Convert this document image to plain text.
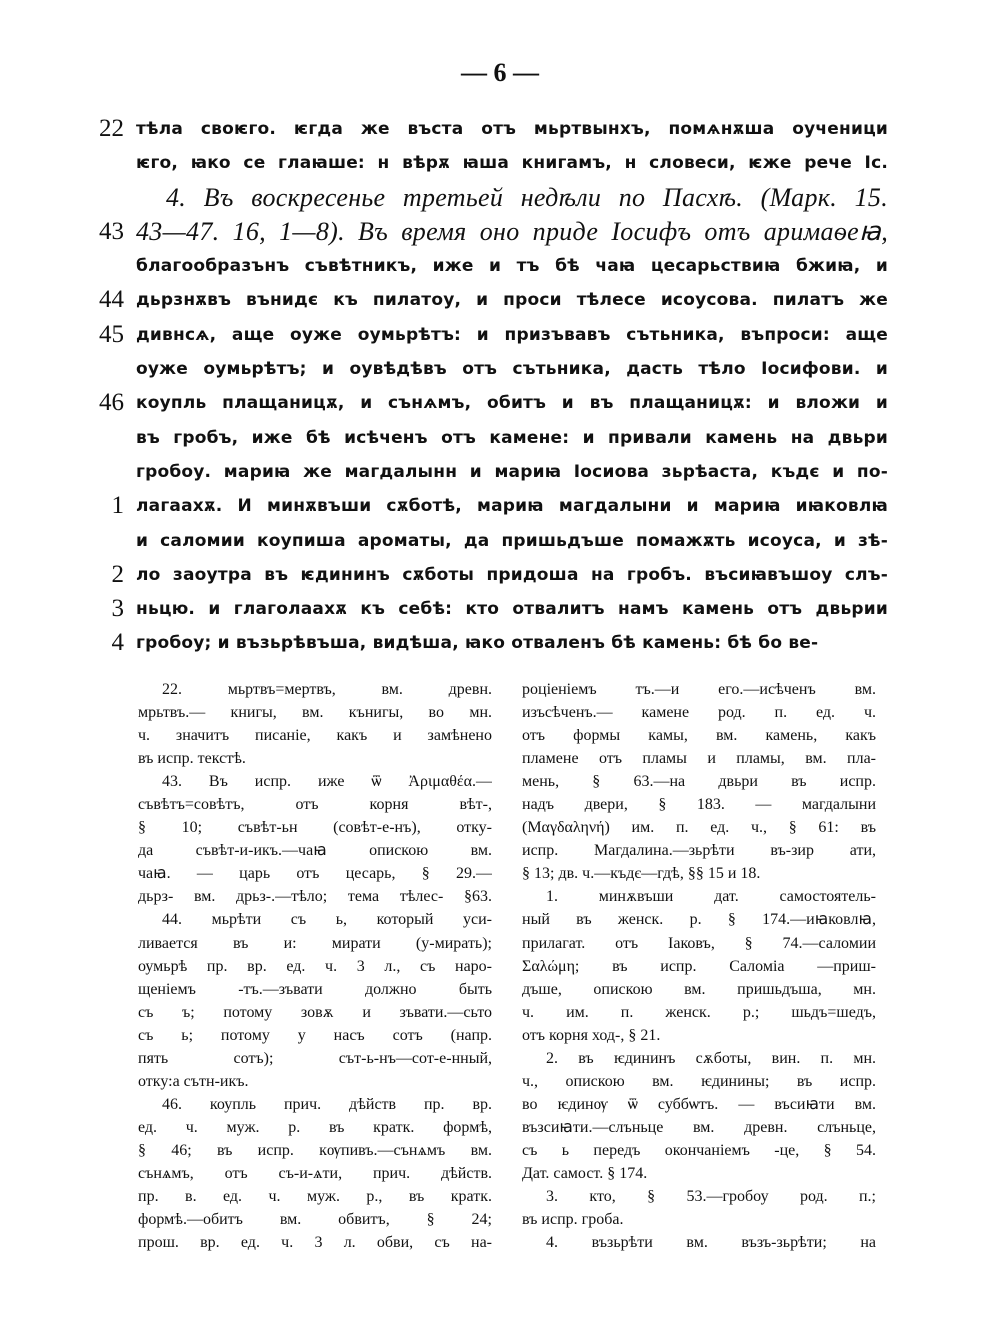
— 6 —
22 тѣла своѥго. ѥгда же въста отъ мьртвынхъ, помѧнѫша оученици
ѥго, ꙗко се глаꙗше: н вѣрѫ ꙗша книгамъ, н словеси, ѥже рече Іс.
4. Въ воскресенье третьей недѣли по Пасхѣ. (Марк. 15.
43 43—47. 16, 1—8). Въ время оно приде Iосифъ отъ аримаѳеꙗ,
благообразънъ съвѣтникъ, иже и тъ бѣ чаꙗ цесарьствиꙗ бжиꙗ, и
44 дьрзнѫвъ вънидє къ пилатоу, и проси тѣлесе исоусова. пилатъ же
45 дивнсѧ, аще оуже оумьрѣтъ: и призъвавъ сътьника, въпроси: аще
оуже оумьрѣтъ; и оувѣдѣвъ отъ сътьника, дасть тѣло Iосифови. и
46 коупль плащаницѫ, и сънѧмъ, обитъ и въ плащаницѫ: и вложи и
въ гробъ, иже бѣ исѣченъ отъ камене: и привали камень на двьри
гробоу. мариꙗ же магдалынн и мариꙗ Iосиова зьрѣаста, къдє и по-
1 лагаахѫ. И минѫвъши сѫботѣ, мариꙗ магдалыни и мариꙗ иꙗковлꙗ
и саломии коупиша ароматы, да пришьдъше помажѫть исоуса, и зѣ-
2 ло заоутра въ ѥдининъ сѫботы придоша на гробъ. въсиꙗвъшоу слъ-
3 ньцю. и глаголаахѫ къ себѣ: кто отвалитъ намъ камень отъ двьрии
4 гробоу; и възьрѣвъша, видѣша, ꙗко отваленъ бѣ камень: бѣ бо ве-
22. мьртвъ=мертвъ, вм. древн.
мрьтвъ.— книгы, вм. кънигы, во мн.
ч. значитъ писаніе, какъ и замѣнено
въ испр. текстѣ.
43. Въ испр. иже ѿ Ἀριμαθέα.—
съвѣтъ=совѣтъ, отъ корня вѣт-,
§ 10; съвѣт-ьн (совѣт-е-нъ), отку-
да съвѣт-и-икъ.—чаꙗ опискою вм.
чаꙗ. — царь отъ цесарь, § 29.—
дьрз- вм. дрьз-.—тѣло; тема тѣлес- §63.
44. мьрѣти съ ь, который уси-
ливается въ и: мирати (у-мирать);
оумьрѣ пр. вр. ед. ч. 3 л., съ наро-
щеніемъ -тъ.—зъвати должно быть
съ ъ; потому зовѫ и зъвати.—сьто
съ ь; потому у насъ сотъ (напр.
пять сотъ); сът-ь-нъ—сот-е-нный,
отку:а сътн-икъ.
46. коупль прич. дѣйств пр. вр.
ед. ч. муж. р. въ кратк. формѣ,
§ 46; въ испр. кѹпивъ.—сънѧмъ вм.
сънѧмъ, отъ съ-и-ѧти, прич. дѣйств.
пр. в. ед. ч. муж. р., въ кратк.
формѣ.—обитъ вм. обвитъ, § 24;
прош. вр. ед. ч. 3 л. обви, съ на-
роціеніемъ тъ.—и его.—исѣченъ вм.
изъсѣченъ.— камене род. п. ед. ч.
отъ формы камы, вм. камень, какъ
пламене отъ пламы и пламы, вм. пла-
мень, § 63.—на двьри въ испр.
надъ двери, § 183. — магдалыни
(Μαγδαληνή) им. п. ед. ч., § 61: въ
испр. Магдалина.—зьрѣти въ-зир ати,
§ 13; дв. ч.—къдє—гдѣ, §§ 15 и 18.
1. минѫвъши дат. самостоятель-
ный въ женск. р. § 174.—иꙗковлꙗ,
прилагат. отъ Iаковъ, § 74.—саломии
Σαλώμη; въ испр. Саломіа —приш-
дъше, опискою вм. пришьдъша, мн.
ч. им. п. женск. р.; шьдъ=шедъ,
отъ корня ход-, § 21.
2. въ ѥдининъ сѫботы, вин. п. мн.
ч., опискою вм. ѥдинины; въ испр.
во ѥдинѹ ѿ суббѡтъ. — въсиꙗти вм.
възсиꙗти.—слъньце вм. древн. слъньце,
съ ь передъ окончаніемъ -це, § 54.
Дат. самост. § 174.
3. кто, § 53.—гробоу род. п.;
въ испр. гроба.
4. възьрѣти вм. възъ-зьрѣти; на
